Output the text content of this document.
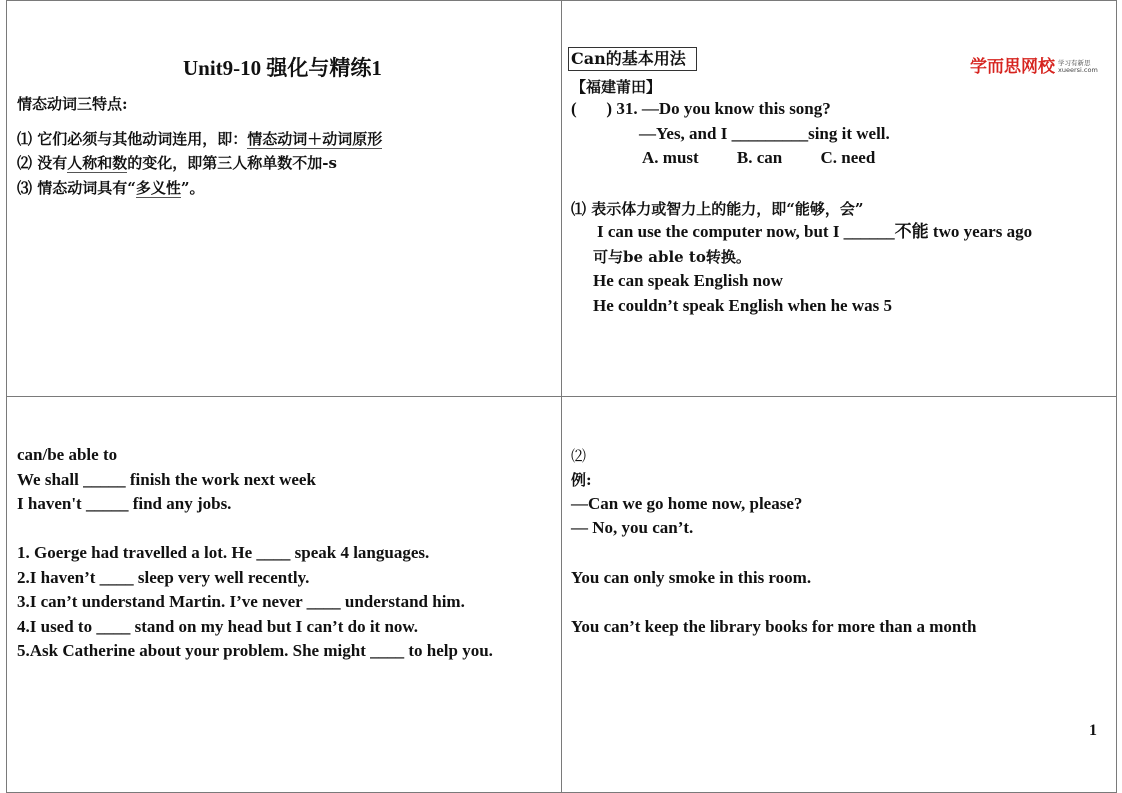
Unit9-10 强化与精练1
情态动词三特点:
⑴ 它们必须与其他动词连用，即：情态动词＋动词原形
⑵ 没有人称和数的变化，即第三人称单数不加-s
⑶ 情态动词具有“多义性”。
Can的基本用法	学而思网校 学习有新思
xueersi.com
【福建莆田】
(       ) 31. —Do you know this song?
—Yes, and I _________sing it well.
A. must         B. can         C. need
⑴ 表示体力或智力上的能力，即“能够，会”
I can use the computer now, but I ______不能 two years ago
可与be able to转换。
He can speak English now
He couldn’t speak English when he was 5
can/be able to
We shall _____ finish the work next week
I haven't _____ find any jobs.
1. Goerge had travelled a lot. He ____ speak 4 languages.
2.I haven’t ____ sleep very well recently.
3.I can’t understand Martin. I’ve never ____ understand him.
4.I used to ____ stand on my head but I can’t do it now.
5.Ask Catherine about your problem. She might ____ to help you.
⑵
例:
—Can we go home now, please?
— No, you can’t.
You can only smoke in this room.
You can’t keep the library books for more than a month
1
